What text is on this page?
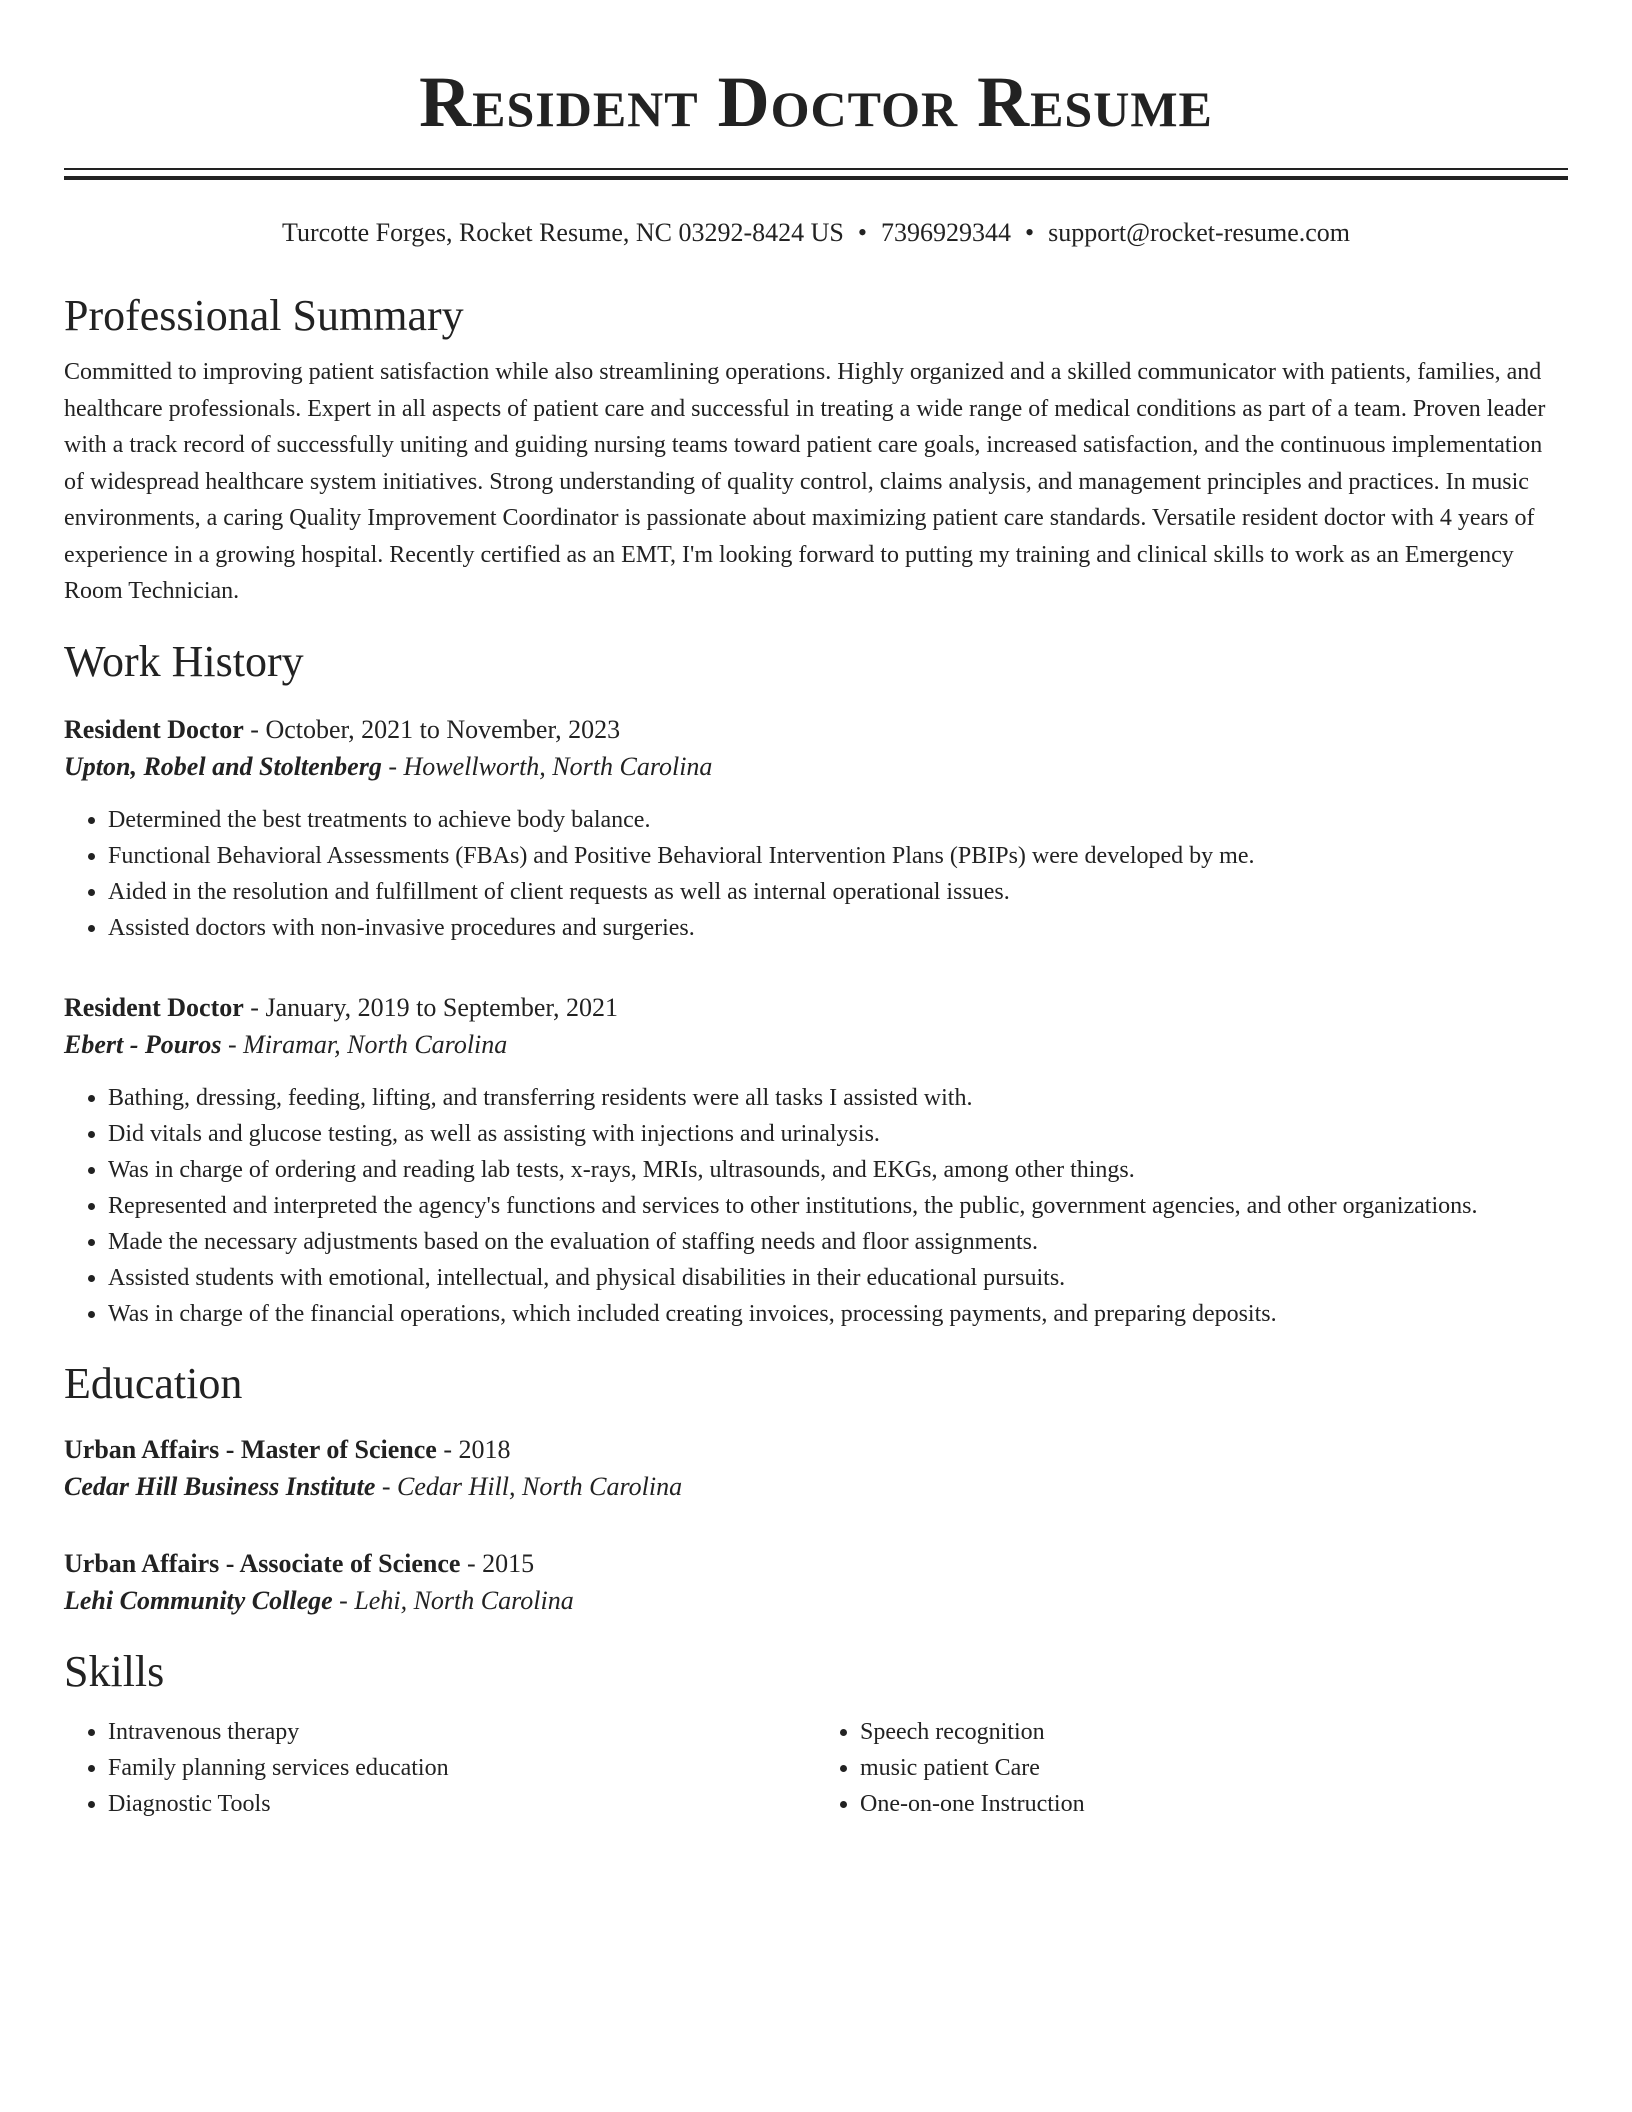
Resident Doctor Resume
Turcotte Forges, Rocket Resume, NC 03292-8424 US • 7396929344 • support@rocket-resume.com
Professional Summary

Committed to improving patient satisfaction while also streamlining operations. Highly organized and a skilled communicator with patients, families, and healthcare professionals. Expert in all aspects of patient care and successful in treating a wide range of medical conditions as part of a team. Proven leader with a track record of successfully uniting and guiding nursing teams toward patient care goals, increased satisfaction, and the continuous implementation of widespread healthcare system initiatives. Strong understanding of quality control, claims analysis, and management principles and practices. In music environments, a caring Quality Improvement Coordinator is passionate about maximizing patient care standards. Versatile resident doctor with 4 years of experience in a growing hospital. Recently certified as an EMT, I'm looking forward to putting my training and clinical skills to work as an Emergency Room Technician.

Work History
Resident Doctor - October, 2021 to November, 2023
Upton, Robel and Stoltenberg - Howellworth, North Carolina
• Determined the best treatments to achieve body balance.
• Functional Behavioral Assessments (FBAs) and Positive Behavioral Intervention Plans (PBIPs) were developed by me.
• Aided in the resolution and fulfillment of client requests as well as internal operational issues.
• Assisted doctors with non-invasive procedures and surgeries.
Resident Doctor - January, 2019 to September, 2021
Ebert - Pouros - Miramar, North Carolina
• Bathing, dressing, feeding, lifting, and transferring residents were all tasks I assisted with.
• Did vitals and glucose testing, as well as assisting with injections and urinalysis.
• Was in charge of ordering and reading lab tests, x-rays, MRIs, ultrasounds, and EKGs, among other things.
• Represented and interpreted the agency's functions and services to other institutions, the public, government agencies, and other organizations.
• Made the necessary adjustments based on the evaluation of staffing needs and floor assignments.
• Assisted students with emotional, intellectual, and physical disabilities in their educational pursuits.
• Was in charge of the financial operations, which included creating invoices, processing payments, and preparing deposits.
Education
Urban Affairs - Master of Science - 2018
Cedar Hill Business Institute - Cedar Hill, North Carolina
Urban Affairs - Associate of Science - 2015
Lehi Community College - Lehi, North Carolina
Skills
• Intravenous therapy
• Family planning services education
• Diagnostic Tools
• Speech recognition
• music patient Care
• One-on-one Instruction
